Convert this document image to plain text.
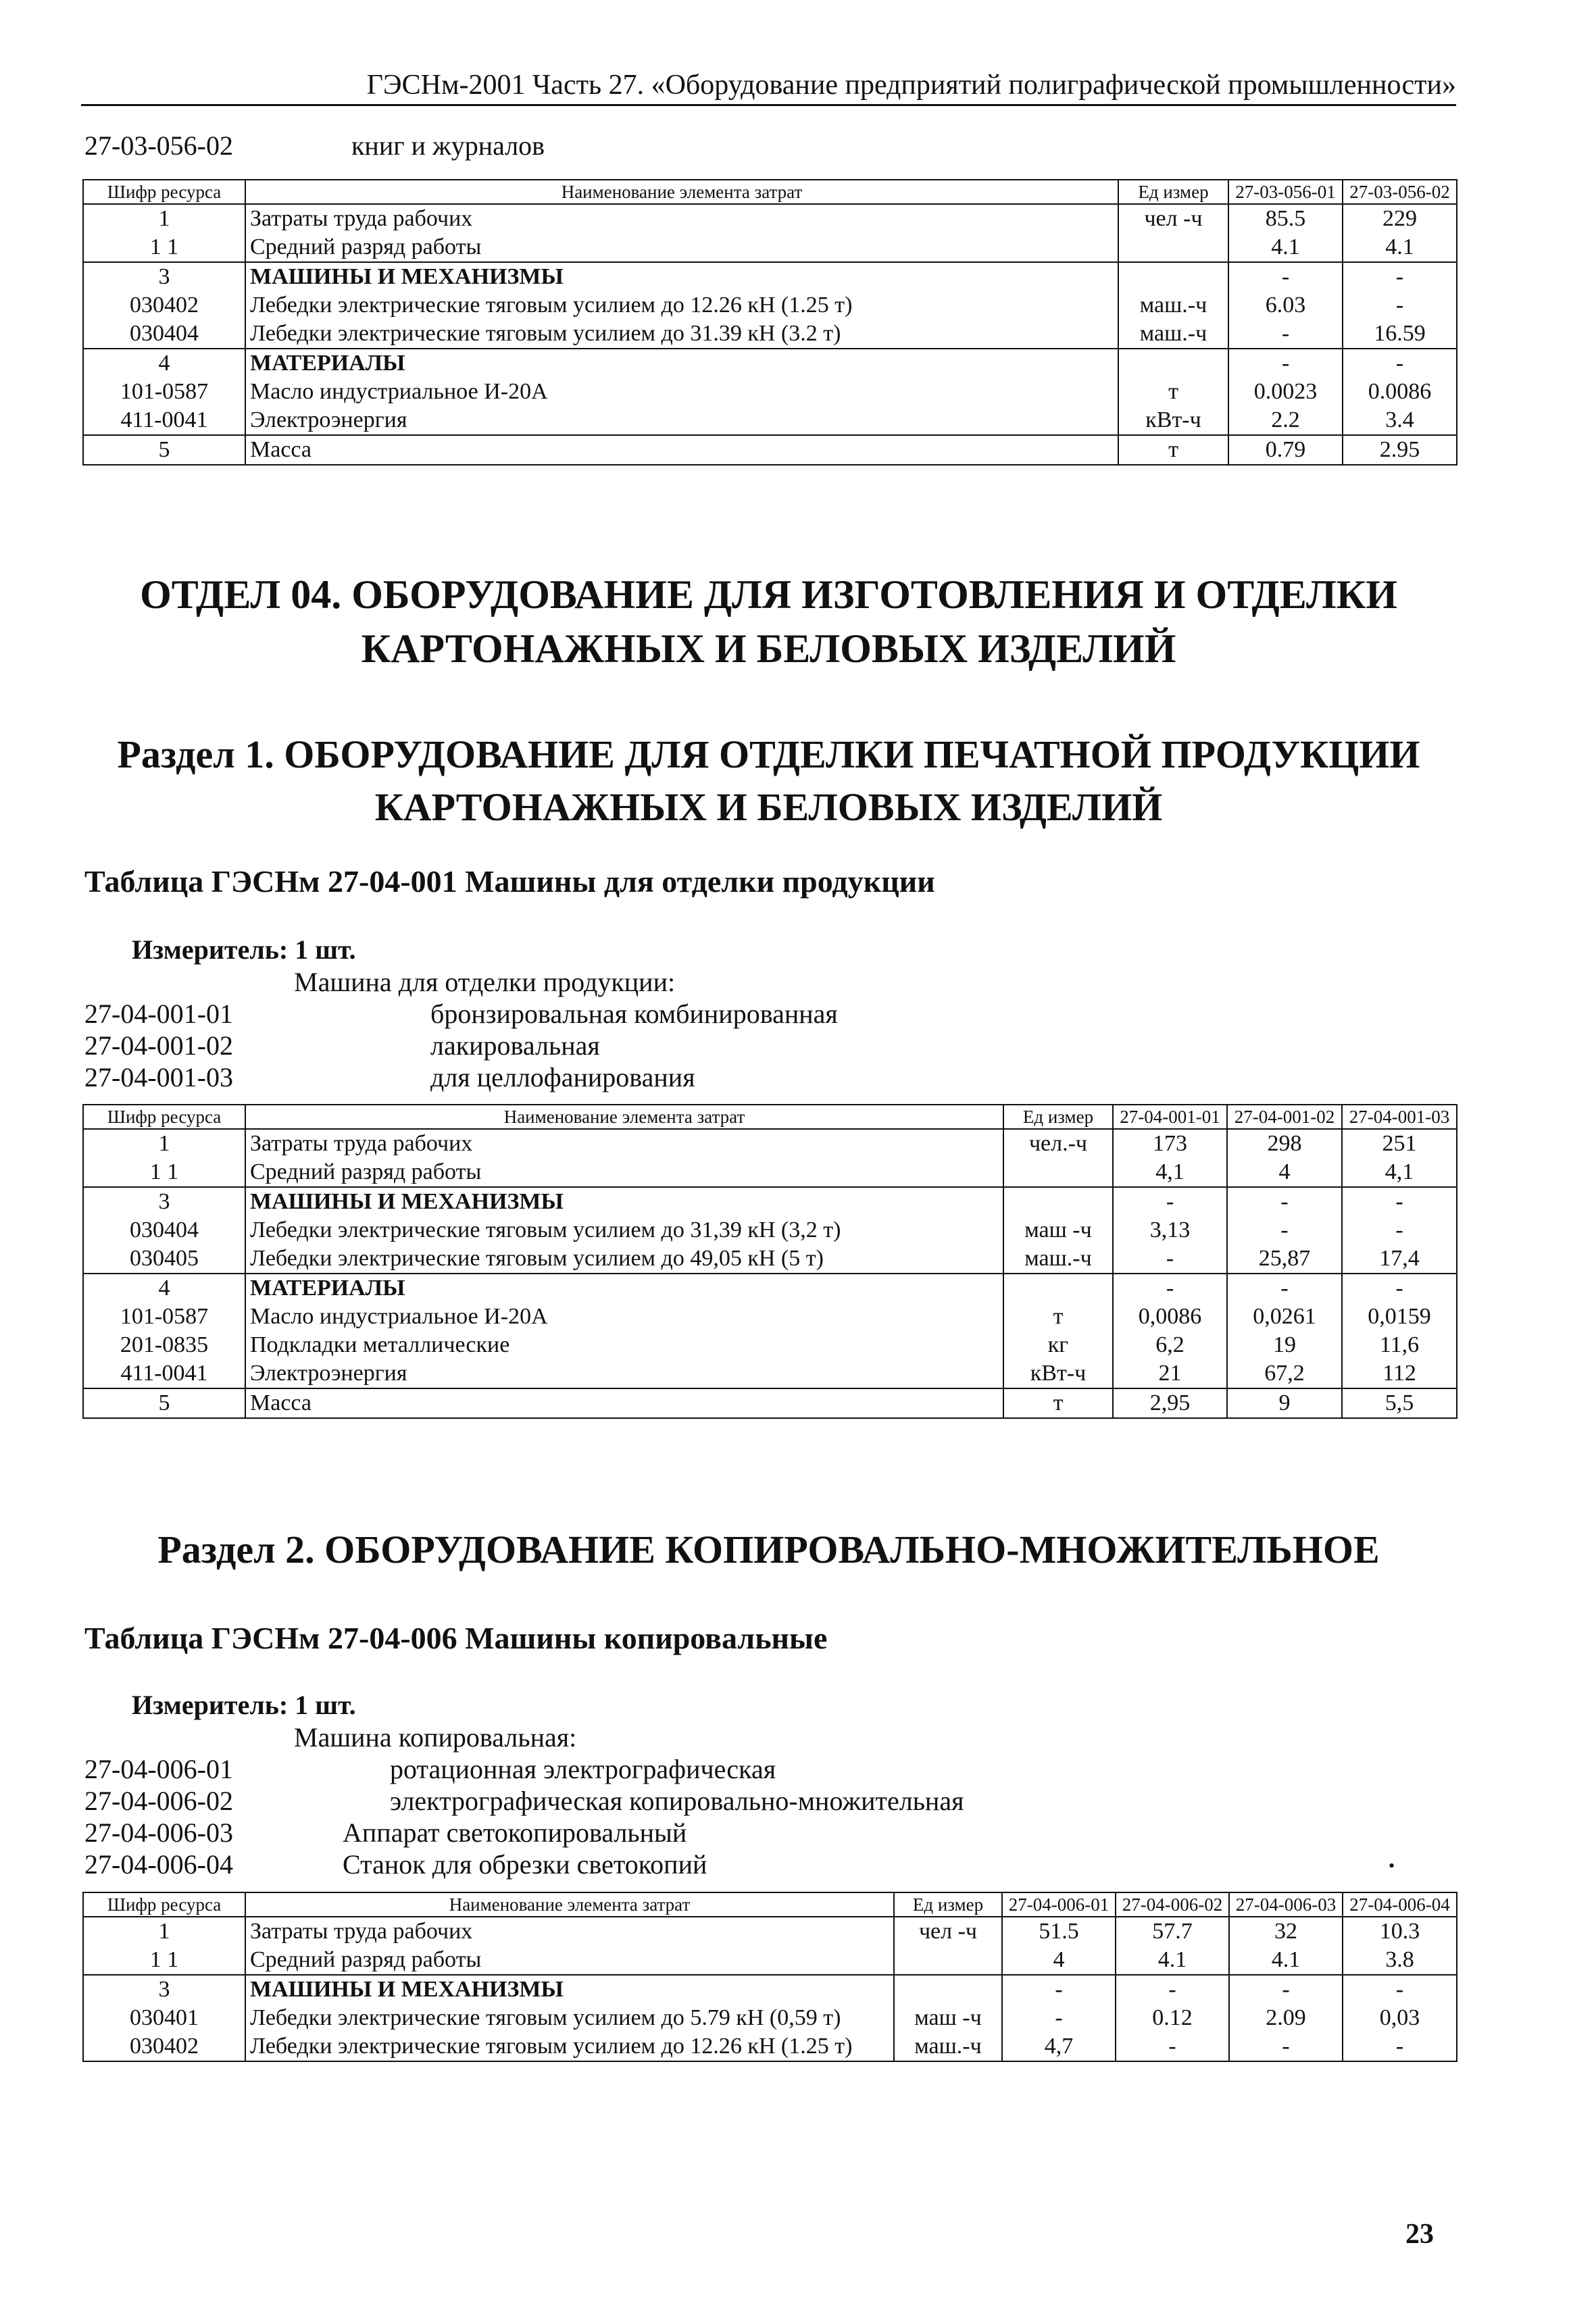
ГЭСНм-2001 Часть 27. «Оборудование предприятий полиграфической промышленности»
27-03-056-02	книг и журналов
Шифр ресурса	Наименование элемента затрат	Ед измер	27-03-056-01	27-03-056-02
1	Затраты труда рабочих	чел -ч	85.5	229
1 1	Средний разряд работы		4.1	4.1
3	МАШИНЫ И МЕХАНИЗМЫ		-	-
030402	Лебедки электрические тяговым усилием до 12.26 кН (1.25 т)	маш.-ч	6.03	-
030404	Лебедки электрические тяговым усилием до 31.39 кН (3.2 т)	маш.-ч	-	16.59
4	МАТЕРИАЛЫ		-	-
101-0587	Масло индустриальное И-20А	т	0.0023	0.0086
411-0041	Электроэнергия	кВт-ч	2.2	3.4
5	Масса	т	0.79	2.95
ОТДЕЛ 04. ОБОРУДОВАНИЕ ДЛЯ ИЗГОТОВЛЕНИЯ И ОТДЕЛКИ
КАРТОНАЖНЫХ И БЕЛОВЫХ ИЗДЕЛИЙ
Раздел 1. ОБОРУДОВАНИЕ ДЛЯ ОТДЕЛКИ ПЕЧАТНОЙ ПРОДУКЦИИ
КАРТОНАЖНЫХ И БЕЛОВЫХ ИЗДЕЛИЙ
Таблица ГЭСНм 27-04-001 Машины для отделки продукции
Измеритель: 1 шт.
Машина для отделки продукции:
27-04-001-01	бронзировальная комбинированная
27-04-001-02	лакировальная
27-04-001-03	для целлофанирования
Шифр ресурса	Наименование элемента затрат	Ед измер	27-04-001-01	27-04-001-02	27-04-001-03
1	Затраты труда рабочих	чел.-ч	173	298	251
1 1	Средний разряд работы		4,1	4	4,1
3	МАШИНЫ И МЕХАНИЗМЫ		-	-	-
030404	Лебедки электрические тяговым усилием до 31,39 кН (3,2 т)	маш -ч	3,13	-	-
030405	Лебедки электрические тяговым усилием до 49,05 кН (5 т)	маш.-ч	-	25,87	17,4
4	МАТЕРИАЛЫ		-	-	-
101-0587	Масло индустриальное И-20А	т	0,0086	0,0261	0,0159
201-0835	Подкладки металлические	кг	6,2	19	11,6
411-0041	Электроэнергия	кВт-ч	21	67,2	112
5	Масса	т	2,95	9	5,5
Раздел 2. ОБОРУДОВАНИЕ КОПИРОВАЛЬНО-МНОЖИТЕЛЬНОЕ
Таблица ГЭСНм 27-04-006 Машины копировальные
Измеритель: 1 шт.
Машина копировальная:
27-04-006-01	ротационная электрографическая
27-04-006-02	электрографическая копировально-множительная
27-04-006-03	Аппарат светокопировальный
27-04-006-04	Станок для обрезки светокопий	•
Шифр ресурса	Наименование элемента затрат	Ед измер	27-04-006-01	27-04-006-02	27-04-006-03	27-04-006-04
1	Затраты труда рабочих	чел -ч	51.5	57.7	32	10.3
1 1	Средний разряд работы		4	4.1	4.1	3.8
3	МАШИНЫ И МЕХАНИЗМЫ		-	-	-	-
030401	Лебедки электрические тяговым усилием до 5.79 кН (0,59 т)	маш -ч	-	0.12	2.09	0,03
030402	Лебедки электрические тяговым усилием до 12.26 кН (1.25 т)	маш.-ч	4,7	-	-	-
23
